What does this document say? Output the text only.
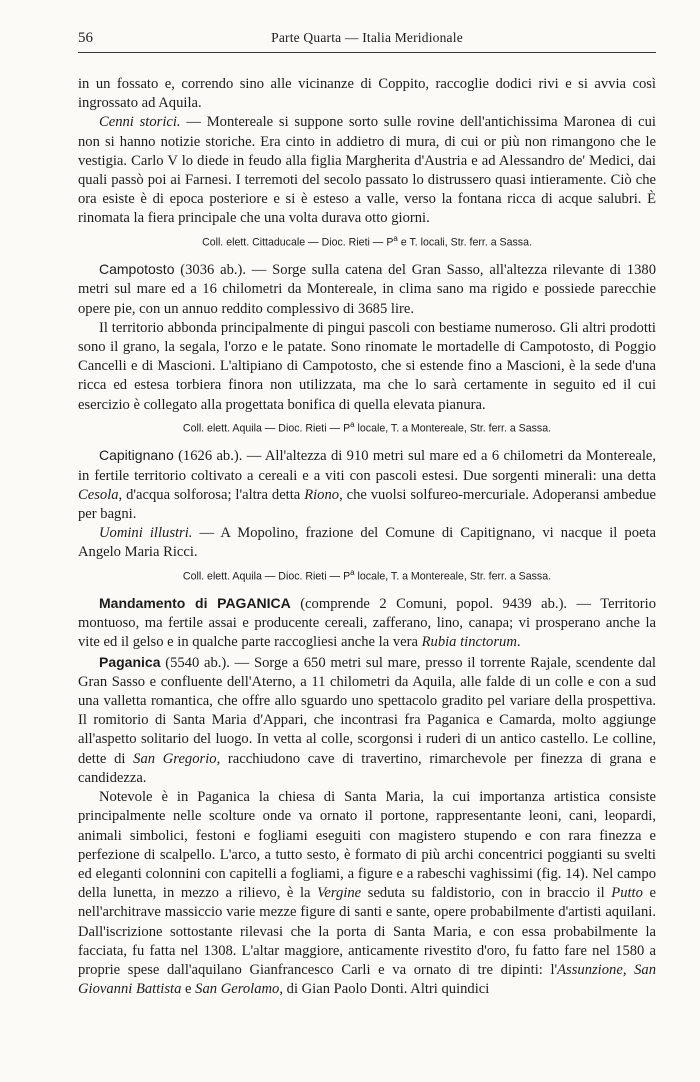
56	Parte Quarta — Italia Meridionale

in un fossato e, correndo sino alle vicinanze di Coppito, raccoglie dodici rivi e si avvia così ingrossato ad Aquila.

Cenni storici. — Montereale si suppone sorto sulle rovine dell'antichissima Maronea di cui non si hanno notizie storiche. Era cinto in addietro di mura, di cui or più non rimangono che le vestigia. Carlo V lo diede in feudo alla figlia Margherita d'Austria e ad Alessandro de' Medici, dai quali passò poi ai Farnesi. I terremoti del secolo passato lo distrussero quasi intieramente. Ciò che ora esiste è di epoca posteriore e si è esteso a valle, verso la fontana ricca di acque salubri. È rinomata la fiera principale che una volta durava otto giorni.

Coll. elett. Cittaducale — Dioc. Rieti — $P^a$ e T. locali, Str. ferr. a Sassa.

Campotosto (3036 ab.). — Sorge sulla catena del Gran Sasso, all'altezza rilevante di 1380 metri sul mare ed a 16 chilometri da Montereale, in clima sano ma rigido e possiede parecchie opere pie, con un annuo reddito complessivo di 3685 lire.

Il territorio abbonda principalmente di pingui pascoli con bestiame numeroso. Gli altri prodotti sono il grano, la segala, l'orzo e le patate. Sono rinomate le mortadelle di Campotosto, di Poggio Cancelli e di Mascioni. L'altipiano di Campotosto, che si estende fino a Mascioni, è la sede d'una ricca ed estesa torbiera finora non utilizzata, ma che lo sarà certamente in seguito ed il cui esercizio è collegato alla progettata bonifica di quella elevata pianura.

Coll. elett. Aquila — Dioc. Rieti — $P^a$ locale, T. a Montereale, Str. ferr. a Sassa.

Capitignano (1626 ab.). — All'altezza di 910 metri sul mare ed a 6 chilometri da Montereale, in fertile territorio coltivato a cereali e a viti con pascoli estesi. Due sorgenti minerali: una detta Cesola, d'acqua solforosa; l'altra detta Riono, che vuolsi solfureo-mercuriale. Adoperansi ambedue per bagni.

Uomini illustri. — A Mopolino, frazione del Comune di Capitignano, vi nacque il poeta Angelo Maria Ricci.

Coll. elett. Aquila — Dioc. Rieti — $P^a$ locale, T. a Montereale, Str. ferr. a Sassa.

Mandamento di PAGANICA (comprende 2 Comuni, popol. 9439 ab.). — Territorio montuoso, ma fertile assai e producente cereali, zafferano, lino, canapa; vi prosperano anche la vite ed il gelso e in qualche parte raccogliesi anche la vera Rubia tinctorum.

Paganica (5540 ab.). — Sorge a 650 metri sul mare, presso il torrente Rajale, scendente dal Gran Sasso e confluente dell'Aterno, a 11 chilometri da Aquila, alle falde di un colle e con a sud una valletta romantica, che offre allo sguardo uno spettacolo gradito pel variare della prospettiva. Il romitorio di Santa Maria d'Appari, che incontrasi fra Paganica e Camarda, molto aggiunge all'aspetto solitario del luogo. In vetta al colle, scorgonsi i ruderi di un antico castello. Le colline, dette di San Gregorio, racchiudono cave di travertino, rimarchevole per finezza di grana e candidezza.

Notevole è in Paganica la chiesa di Santa Maria, la cui importanza artistica consiste principalmente nelle scolture onde va ornato il portone, rappresentante leoni, cani, leopardi, animali simbolici, festoni e fogliami eseguiti con magistero stupendo e con rara finezza e perfezione di scalpello. L'arco, a tutto sesto, è formato di più archi concentrici poggianti su svelti ed eleganti colonnini con capitelli a fogliami, a figure e a rabeschi vaghissimi (fig. 14). Nel campo della lunetta, in mezzo a rilievo, è la Vergine seduta su faldistorio, con in braccio il Putto e nell'architrave massiccio varie mezze figure di santi e sante, opere probabilmente d'artisti aquilani. Dall'iscrizione sottostante rilevasi che la porta di Santa Maria, e con essa probabilmente la facciata, fu fatta nel 1308. L'altar maggiore, anticamente rivestito d'oro, fu fatto fare nel 1580 a proprie spese dall'aquilano Gianfrancesco Carli e va ornato di tre dipinti: l'Assunzione, San Giovanni Battista e San Gerolamo, di Gian Paolo Donti. Altri quindici
